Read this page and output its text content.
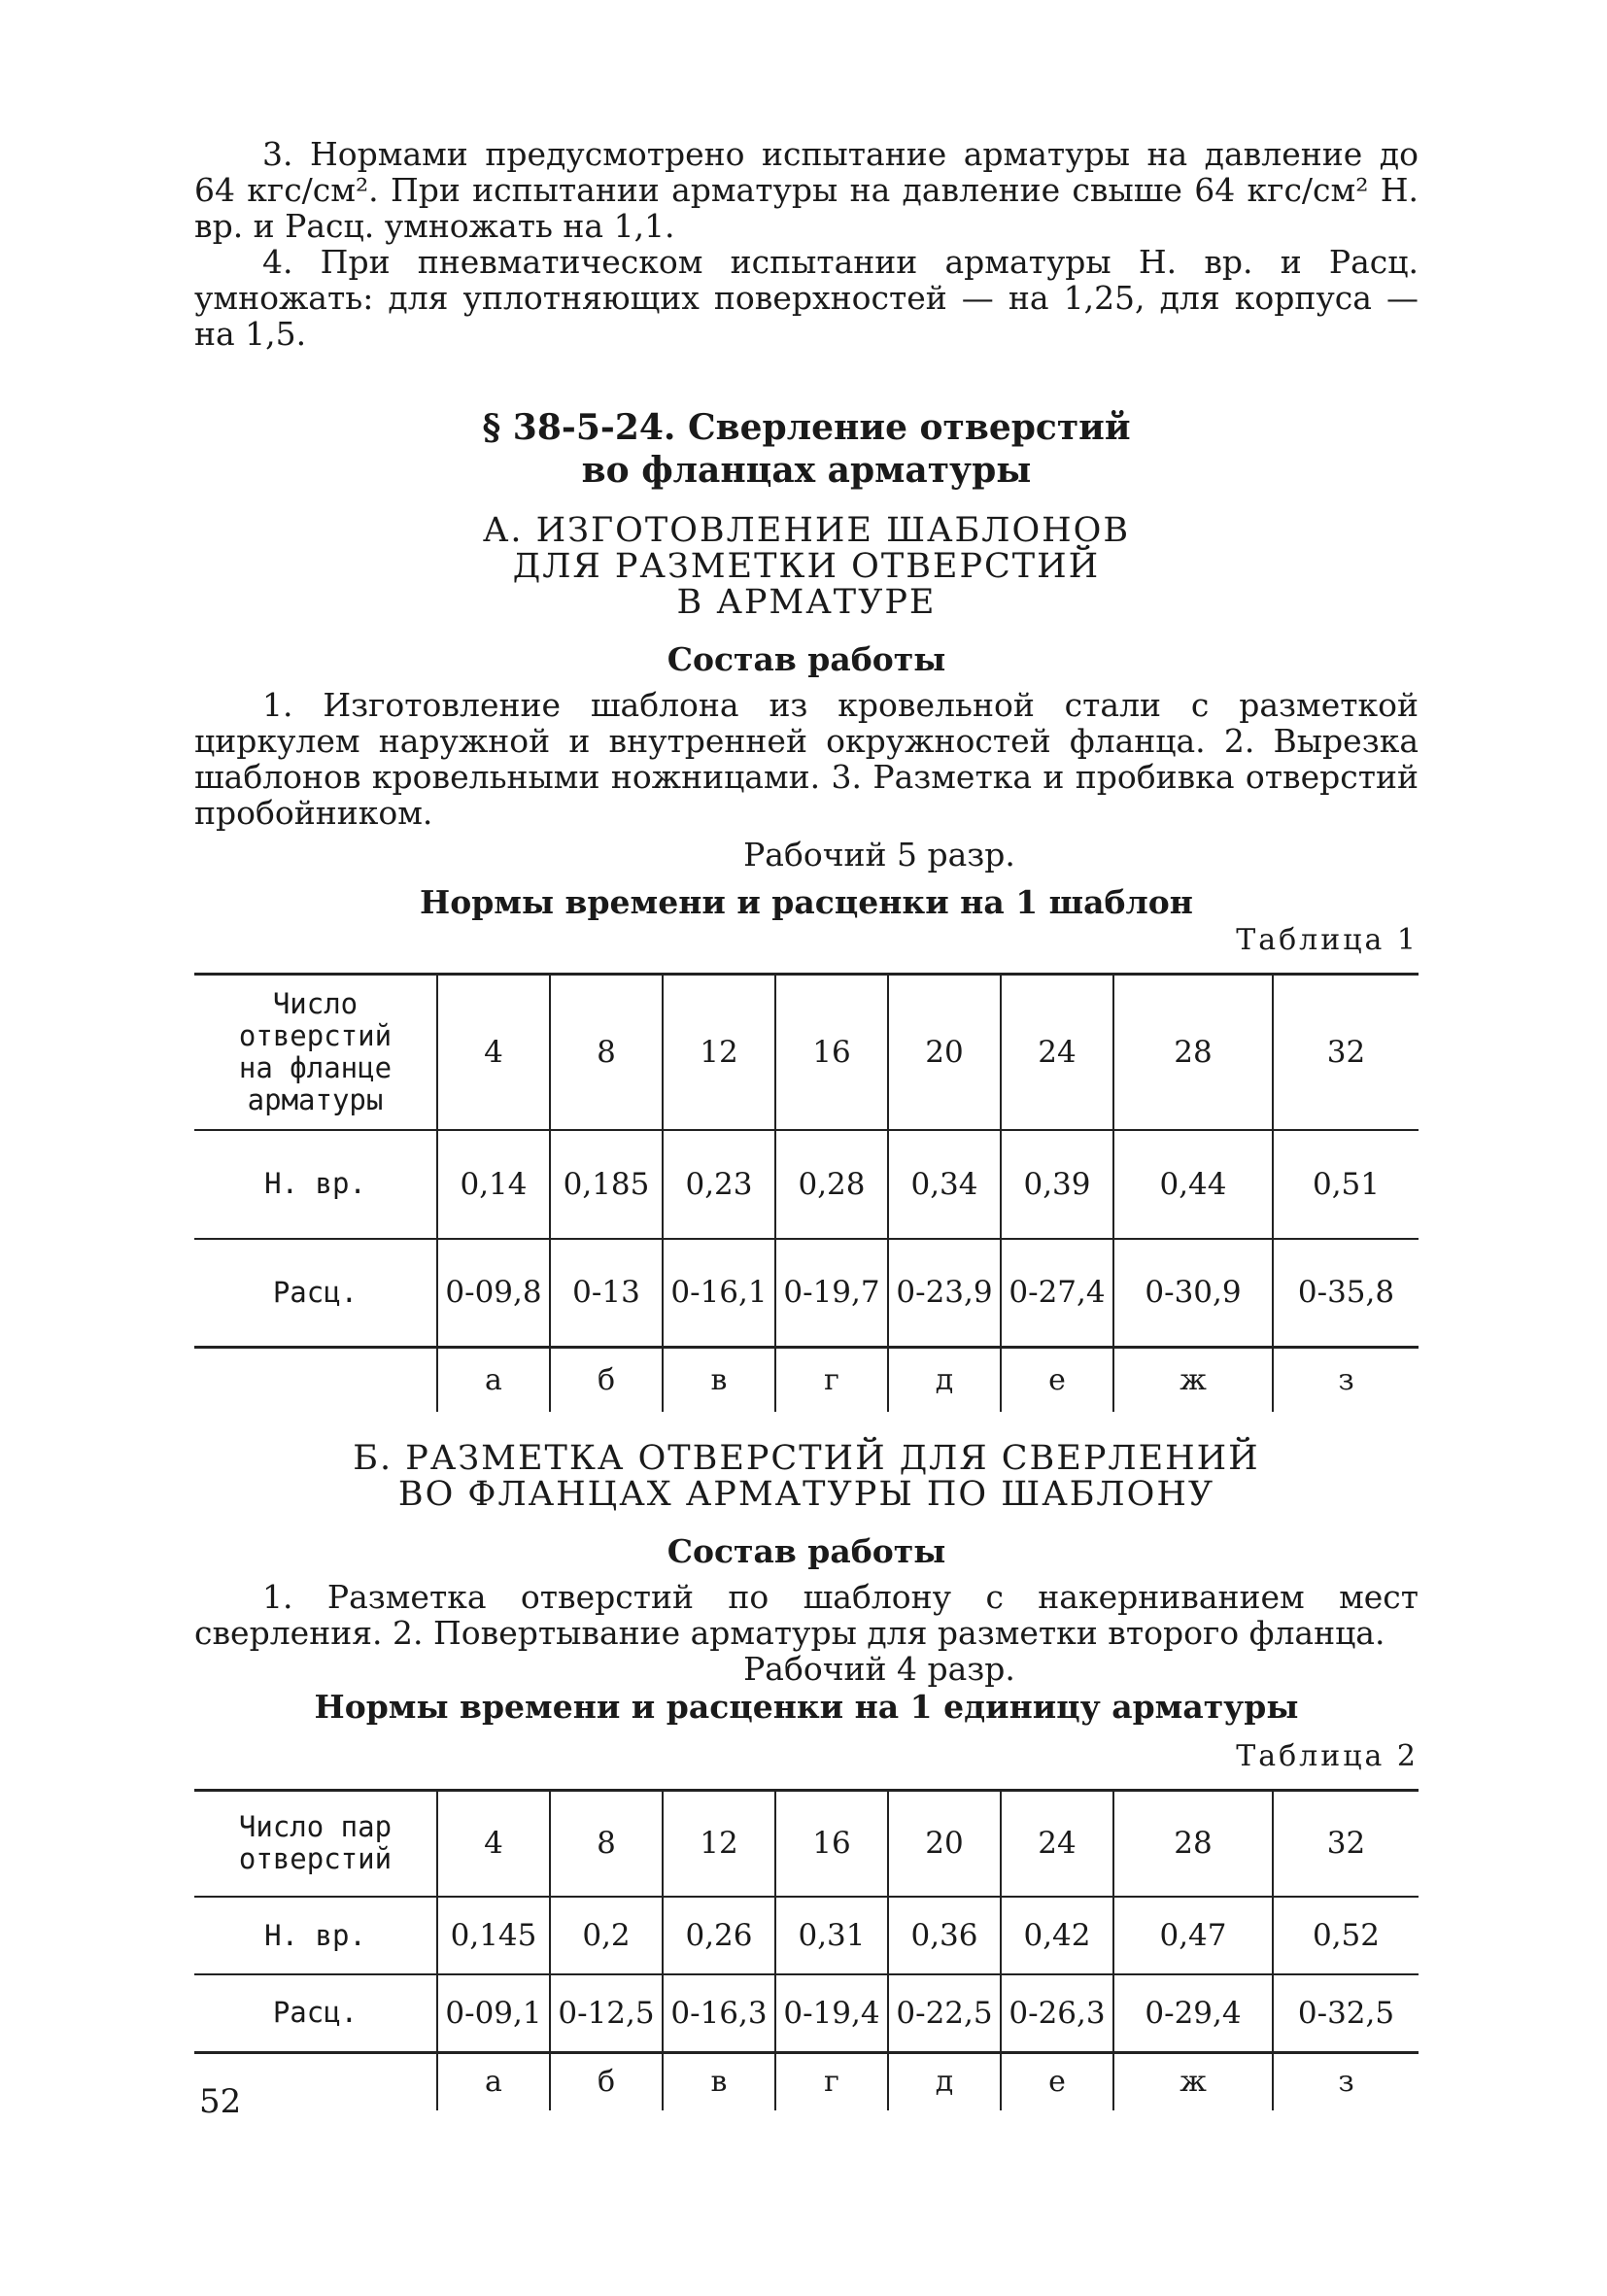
3. Нормами предусмотрено испытание арматуры на давление до 64 кгс/см². При испытании арматуры на давление свыше 64 кгс/см² Н. вр. и Расц. умножать на 1,1.

4. При пневматическом испытании арматуры Н. вр. и Расц. умножать: для уплотняющих поверхностей — на 1,25, для корпуса — на 1,5.

§ 38-5-24. Сверление отверстий
во фланцах арматуры
А. ИЗГОТОВЛЕНИЕ ШАБЛОНОВ
ДЛЯ РАЗМЕТКИ ОТВЕРСТИЙ
В АРМАТУРЕ
Состав работы

1. Изготовление шаблона из кровельной стали с разметкой циркулем наружной и внутренней окружностей фланца. 2. Вырезка шаблонов кровельными ножницами. 3. Разметка и пробивка отверстий пробойником.

Рабочий 5 разр.
Нормы времени и расценки на 1 шаблон
Таблица 1
Число
отверстий
на фланце
арматуры	4	8	12	16	20	24	28	32
Н. вр.	0,14	0,185	0,23	0,28	0,34	0,39	0,44	0,51
Расц.	0-09,8	0-13	0-16,1	0-19,7	0-23,9	0-27,4	0-30,9	0-35,8
	а	б	в	г	д	е	ж	з
Б. РАЗМЕТКА ОТВЕРСТИЙ ДЛЯ СВЕРЛЕНИЙ
ВО ФЛАНЦАХ АРМАТУРЫ ПО ШАБЛОНУ
Состав работы

1. Разметка отверстий по шаблону с накерниванием мест сверления. 2. Повертывание арматуры для разметки второго фланца.

Рабочий 4 разр.
Нормы времени и расценки на 1 единицу арматуры
Таблица 2
Число пар
отверстий	4	8	12	16	20	24	28	32
Н. вр.	0,145	0,2	0,26	0,31	0,36	0,42	0,47	0,52
Расц.	0-09,1	0-12,5	0-16,3	0-19,4	0-22,5	0-26,3	0-29,4	0-32,5
	а	б	в	г	д	е	ж	з
52
